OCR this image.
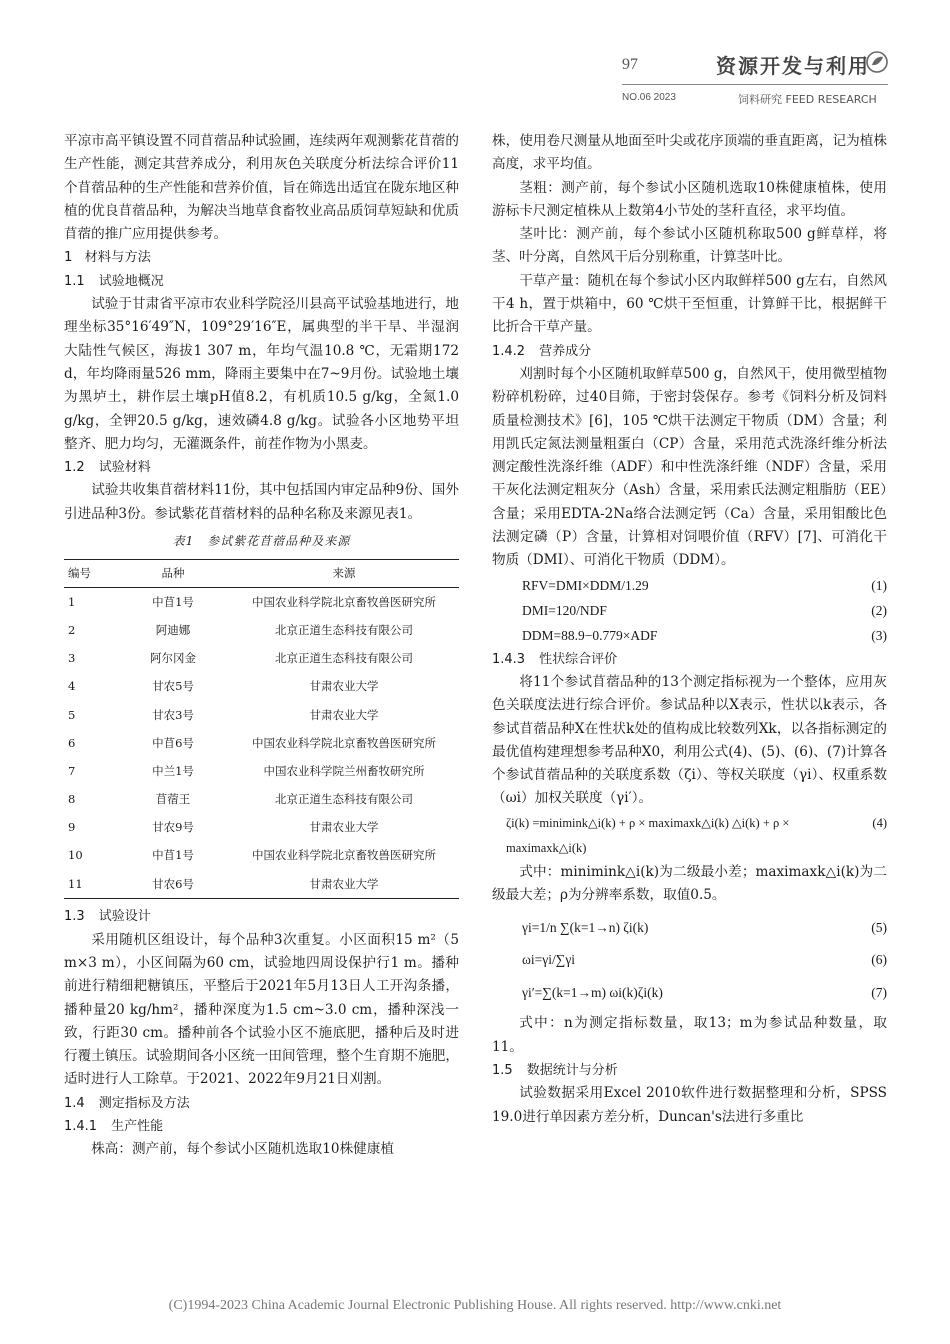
97	资源开发与利用
NO.06 2023	饲料研究 FEED RESEARCH

平凉市高平镇设置不同苜蓿品种试验圃，连续两年观测紫花苜蓿的生产性能，测定其营养成分，利用灰色关联度分析法综合评价11个苜蓿品种的生产性能和营养价值，旨在筛选出适宜在陇东地区种植的优良苜蓿品种，为解决当地草食畜牧业高品质饲草短缺和优质苜蓿的推广应用提供参考。

1 材料与方法

1.1 试验地概况

试验于甘肃省平凉市农业科学院泾川县高平试验基地进行，地理坐标35°16′49″N，109°29′16″E，属典型的半干旱、半湿润大陆性气候区，海拔1 307 m，年均气温10.8 ℃，无霜期172 d，年均降雨量526 mm，降雨主要集中在7~9月份。试验地土壤为黑垆土，耕作层土壤pH值8.2，有机质10.5 g/kg，全氮1.0 g/kg，全钾20.5 g/kg，速效磷4.8 g/kg。试验各小区地势平坦整齐、肥力均匀，无灌溉条件，前茬作物为小黑麦。

1.2 试验材料

试验共收集苜蓿材料11份，其中包括国内审定品种9份、国外引进品种3份。参试紫花苜蓿材料的品种名称及来源见表1。

表1　参试紫花苜蓿品种及来源
编号	品种	来源
1	中苜1号	中国农业科学院北京畜牧兽医研究所
2	阿迪娜	北京正道生态科技有限公司
3	阿尔冈金	北京正道生态科技有限公司
4	甘农5号	甘肃农业大学
5	甘农3号	甘肃农业大学
6	中苜6号	中国农业科学院北京畜牧兽医研究所
7	中兰1号	中国农业科学院兰州畜牧研究所
8	苜蓿王	北京正道生态科技有限公司
9	甘农9号	甘肃农业大学
10	中苜1号	中国农业科学院北京畜牧兽医研究所
11	甘农6号	甘肃农业大学

1.3 试验设计

采用随机区组设计，每个品种3次重复。小区面积15 m²（5 m×3 m），小区间隔为60 cm，试验地四周设保护行1 m。播种前进行精细耙糖镇压，平整后于2021年5月13日人工开沟条播，播种量20 kg/hm²，播种深度为1.5 cm~3.0 cm，播种深浅一致，行距30 cm。播种前各个试验小区不施底肥，播种后及时进行覆土镇压。试验期间各小区统一田间管理，整个生育期不施肥，适时进行人工除草。于2021、2022年9月21日刈割。

1.4 测定指标及方法

1.4.1 生产性能

株高：测产前，每个参试小区随机选取10株健康植

株，使用卷尺测量从地面至叶尖或花序顶端的垂直距离，记为植株高度，求平均值。

茎粗：测产前，每个参试小区随机选取10株健康植株，使用游标卡尺测定植株从上数第4小节处的茎秆直径，求平均值。

茎叶比：测产前，每个参试小区随机称取500 g鲜草样，将茎、叶分离，自然风干后分别称重，计算茎叶比。

干草产量：随机在每个参试小区内取鲜样500 g左右，自然风干4 h，置于烘箱中，60 ℃烘干至恒重，计算鲜干比，根据鲜干比折合干草产量。

1.4.2 营养成分

刈割时每个小区随机取鲜草500 g，自然风干，使用微型植物粉碎机粉碎，过40目筛，于密封袋保存。参考《饲料分析及饲料质量检测技术》[6]，105 ℃烘干法测定干物质（DM）含量；利用凯氏定氮法测量粗蛋白（CP）含量，采用范式洗涤纤维分析法测定酸性洗涤纤维（ADF）和中性洗涤纤维（NDF）含量，采用干灰化法测定粗灰分（Ash）含量，采用索氏法测定粗脂肪（EE）含量；采用EDTA-2Na络合法测定钙（Ca）含量，采用钼酸比色法测定磷（P）含量，计算相对饲喂价值（RFV）[7]、可消化干物质（DMI）、可消化干物质（DDM）。

RFV=DMI×DDM/1.29	(1)
DMI=120/NDF	(2)
DDM=88.9−0.779×ADF	(3)

1.4.3 性状综合评价

将11个参试苜蓿品种的13个测定指标视为一个整体，应用灰色关联度法进行综合评价。参试品种以X表示，性状以k表示，各参试苜蓿品种X在性状k处的值构成比较数列Xk，以各指标测定的最优值构建理想参考品种X0，利用公式(4)、(5)、(6)、(7)计算各个参试苜蓿品种的关联度系数（ζi）、等权关联度（γi）、权重系数（ωi）加权关联度（γi′）。

ζi(k) =minimink△i(k) + ρ × maximaxk△i(k) △i(k) + ρ × maximaxk△i(k)
(4)

式中：minimink△i(k)为二级最小差；maximaxk△i(k)为二级最大差；ρ为分辨率系数，取值0.5。

γi=1/n ∑(k=1→n) ζi(k)	(5)
ωi=γi/∑γi	(6)
γi′=∑(k=1→m) ωi(k)ζi(k)	(7)

式中：n为测定指标数量，取13；m为参试品种数量，取11。

1.5 数据统计与分析

试验数据采用Excel 2010软件进行数据整理和分析，SPSS 19.0进行单因素方差分析，Duncan's法进行多重比

(C)1994-2023 China Academic Journal Electronic Publishing House. All rights reserved. http://www.cnki.net
